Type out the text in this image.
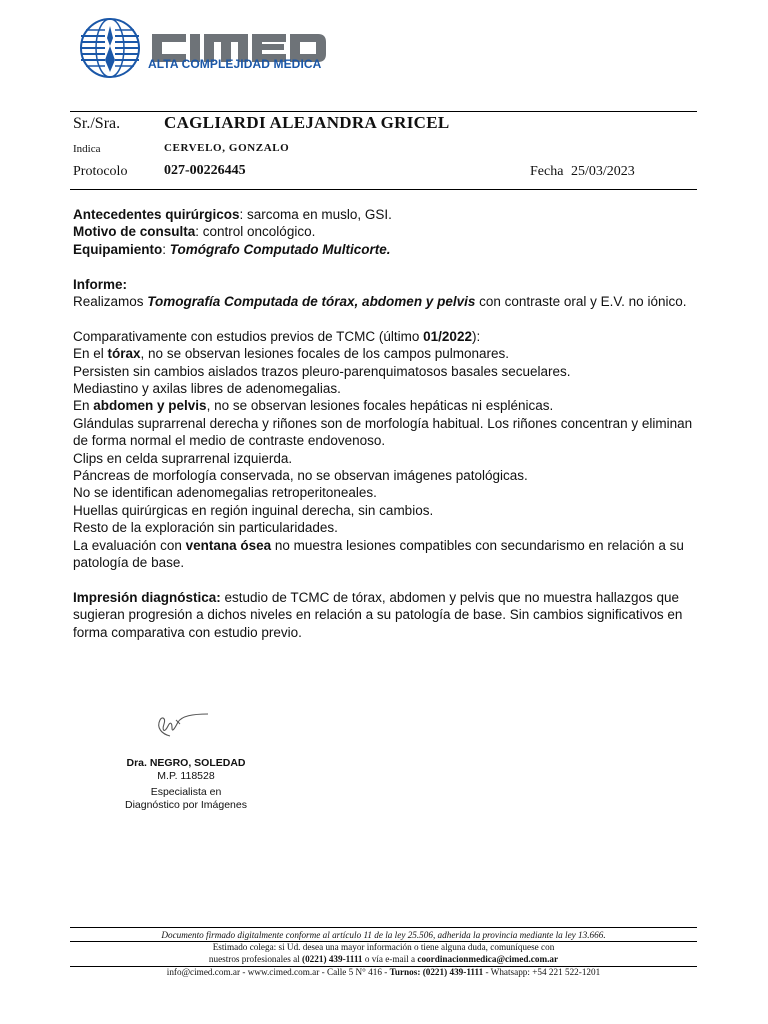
ALTA COMPLEJIDAD MEDICA
Sr./Sra.	CAGLIARDI ALEJANDRA GRICEL
Indica	CERVELO, GONZALO
Protocolo	027-00226445	Fecha 25/03/2023

Antecedentes quirúrgicos: sarcoma en muslo, GSI.

Motivo de consulta: control oncológico.

Equipamiento: Tomógrafo Computado Multicorte.

Informe:

Realizamos Tomografía Computada de tórax, abdomen y pelvis con contraste oral y E.V. no iónico.

Comparativamente con estudios previos de TCMC (último 01/2022):

En el tórax, no se observan lesiones focales de los campos pulmonares.

Persisten sin cambios aislados trazos pleuro-parenquimatosos basales secuelares.

Mediastino y axilas libres de adenomegalias.

En abdomen y pelvis, no se observan lesiones focales hepáticas ni esplénicas.

Glándulas suprarrenal derecha y riñones son de morfología habitual. Los riñones concentran y eliminan de forma normal el medio de contraste endovenoso.

Clips en celda suprarrenal izquierda.

Páncreas de morfología conservada, no se observan imágenes patológicas.

No se identifican adenomegalias retroperitoneales.

Huellas quirúrgicas en región inguinal derecha, sin cambios.

Resto de la exploración sin particularidades.

La evaluación con ventana ósea no muestra lesiones compatibles con secundarismo en relación a su patología de base.

Impresión diagnóstica: estudio de TCMC de tórax, abdomen y pelvis que no muestra hallazgos que sugieran progresión a dichos niveles en relación a su patología de base. Sin cambios significativos en forma comparativa con estudio previo.

Dra. NEGRO, SOLEDAD
M.P. 118528
Especialista en
Diagnóstico por Imágenes
Documento firmado digitalmente conforme al artículo 11 de la ley 25.506, adherida la provincia mediante la ley 13.666.
Estimado colega: si Ud. desea una mayor información o tiene alguna duda, comuníquese con
nuestros profesionales al (0221) 439-1111 o vía e-mail a coordinacionmedica@cimed.com.ar
info@cimed.com.ar - www.cimed.com.ar - Calle 5 N° 416 - Turnos: (0221) 439-1111 - Whatsapp: +54 221 522-1201
